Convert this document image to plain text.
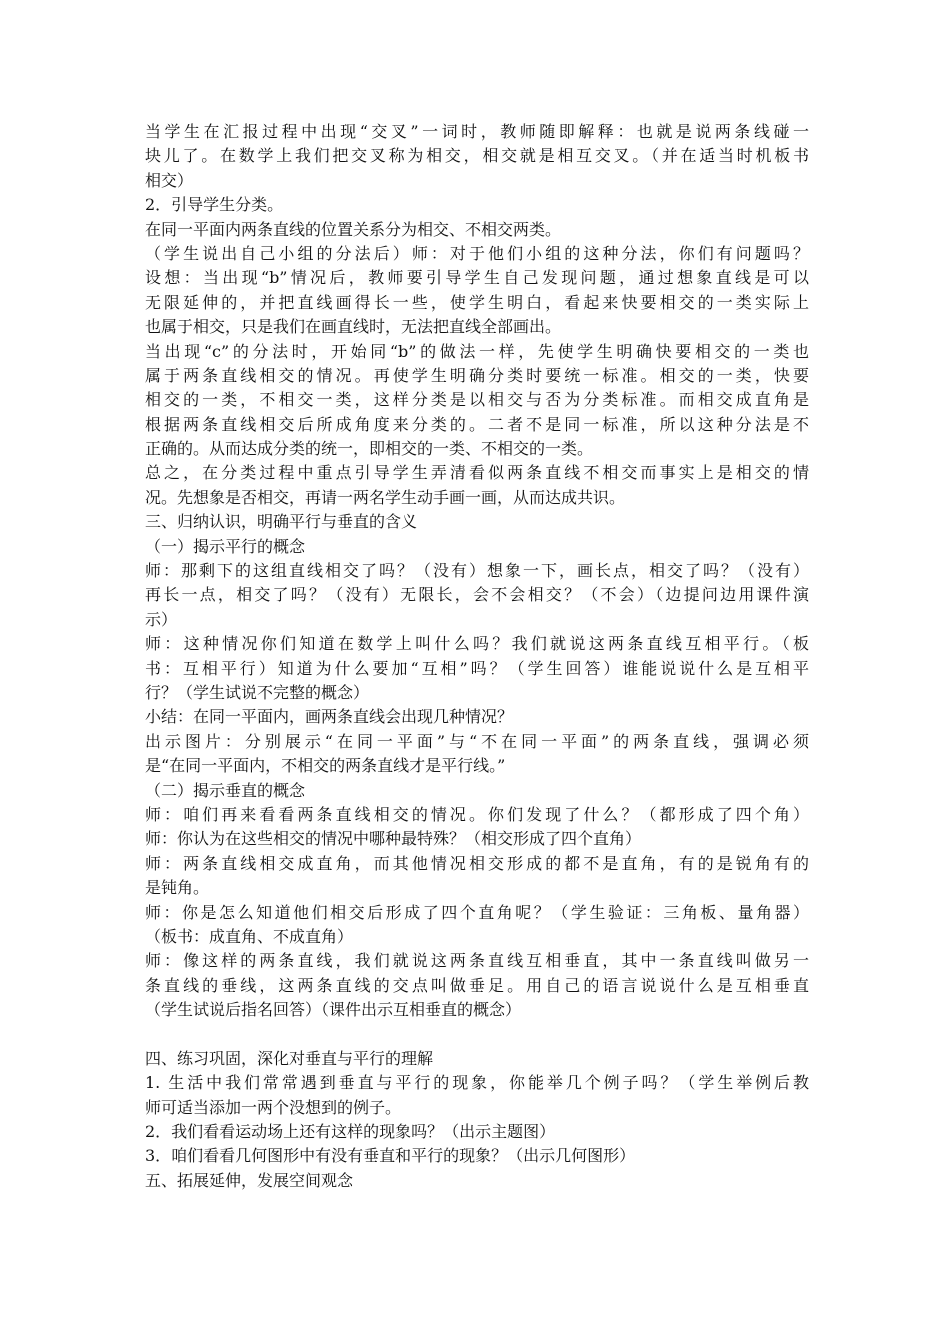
当学生在汇报过程中出现“交叉”一词时，教师随即解释：也就是说两条线碰一
块儿了。在数学上我们把交叉称为相交，相交就是相互交叉。（并在适当时机板书
相交）
2．引导学生分类。
在同一平面内两条直线的位置关系分为相交、不相交两类。
（学生说出自己小组的分法后）师：对于他们小组的这种分法，你们有问题吗？
设想：当出现“b”情况后，教师要引导学生自己发现问题，通过想象直线是可以
无限延伸的，并把直线画得长一些，使学生明白，看起来快要相交的一类实际上
也属于相交，只是我们在画直线时，无法把直线全部画出。
当出现“c”的分法时，开始同“b”的做法一样，先使学生明确快要相交的一类也
属于两条直线相交的情况。再使学生明确分类时要统一标准。相交的一类，快要
相交的一类，不相交一类，这样分类是以相交与否为分类标准。而相交成直角是
根据两条直线相交后所成角度来分类的。二者不是同一标准，所以这种分法是不
正确的。从而达成分类的统一，即相交的一类、不相交的一类。
总之，在分类过程中重点引导学生弄清看似两条直线不相交而事实上是相交的情
况。先想象是否相交，再请一两名学生动手画一画，从而达成共识。
三、归纳认识，明确平行与垂直的含义
（一）揭示平行的概念
师：那剩下的这组直线相交了吗？（没有）想象一下，画长点，相交了吗？（没有）
再长一点，相交了吗？（没有）无限长，会不会相交？（不会）（边提问边用课件演
示）
师：这种情况你们知道在数学上叫什么吗？我们就说这两条直线互相平行。（板
书：互相平行）知道为什么要加“互相”吗？（学生回答）谁能说说什么是互相平
行？（学生试说不完整的概念）
小结：在同一平面内，画两条直线会出现几种情况？
出示图片：分别展示“在同一平面”与“不在同一平面”的两条直线，强调必须
是“在同一平面内，不相交的两条直线才是平行线。”
（二）揭示垂直的概念
师：咱们再来看看两条直线相交的情况。你们发现了什么？（都形成了四个角）
师：你认为在这些相交的情况中哪种最特殊？（相交形成了四个直角）
师：两条直线相交成直角，而其他情况相交形成的都不是直角，有的是锐角有的
是钝角。
师：你是怎么知道他们相交后形成了四个直角呢？（学生验证：三角板、量角器）
（板书：成直角、不成直角）
师：像这样的两条直线，我们就说这两条直线互相垂直，其中一条直线叫做另一
条直线的垂线，这两条直线的交点叫做垂足。用自己的语言说说什么是互相垂直
（学生试说后指名回答）（课件出示互相垂直的概念）
四、练习巩固，深化对垂直与平行的理解
1. 生活中我们常常遇到垂直与平行的现象，你能举几个例子吗？（学生举例后教
师可适当添加一两个没想到的例子。
2．我们看看运动场上还有这样的现象吗？（出示主题图）
3．咱们看看几何图形中有没有垂直和平行的现象？（出示几何图形）
五、拓展延伸，发展空间观念
